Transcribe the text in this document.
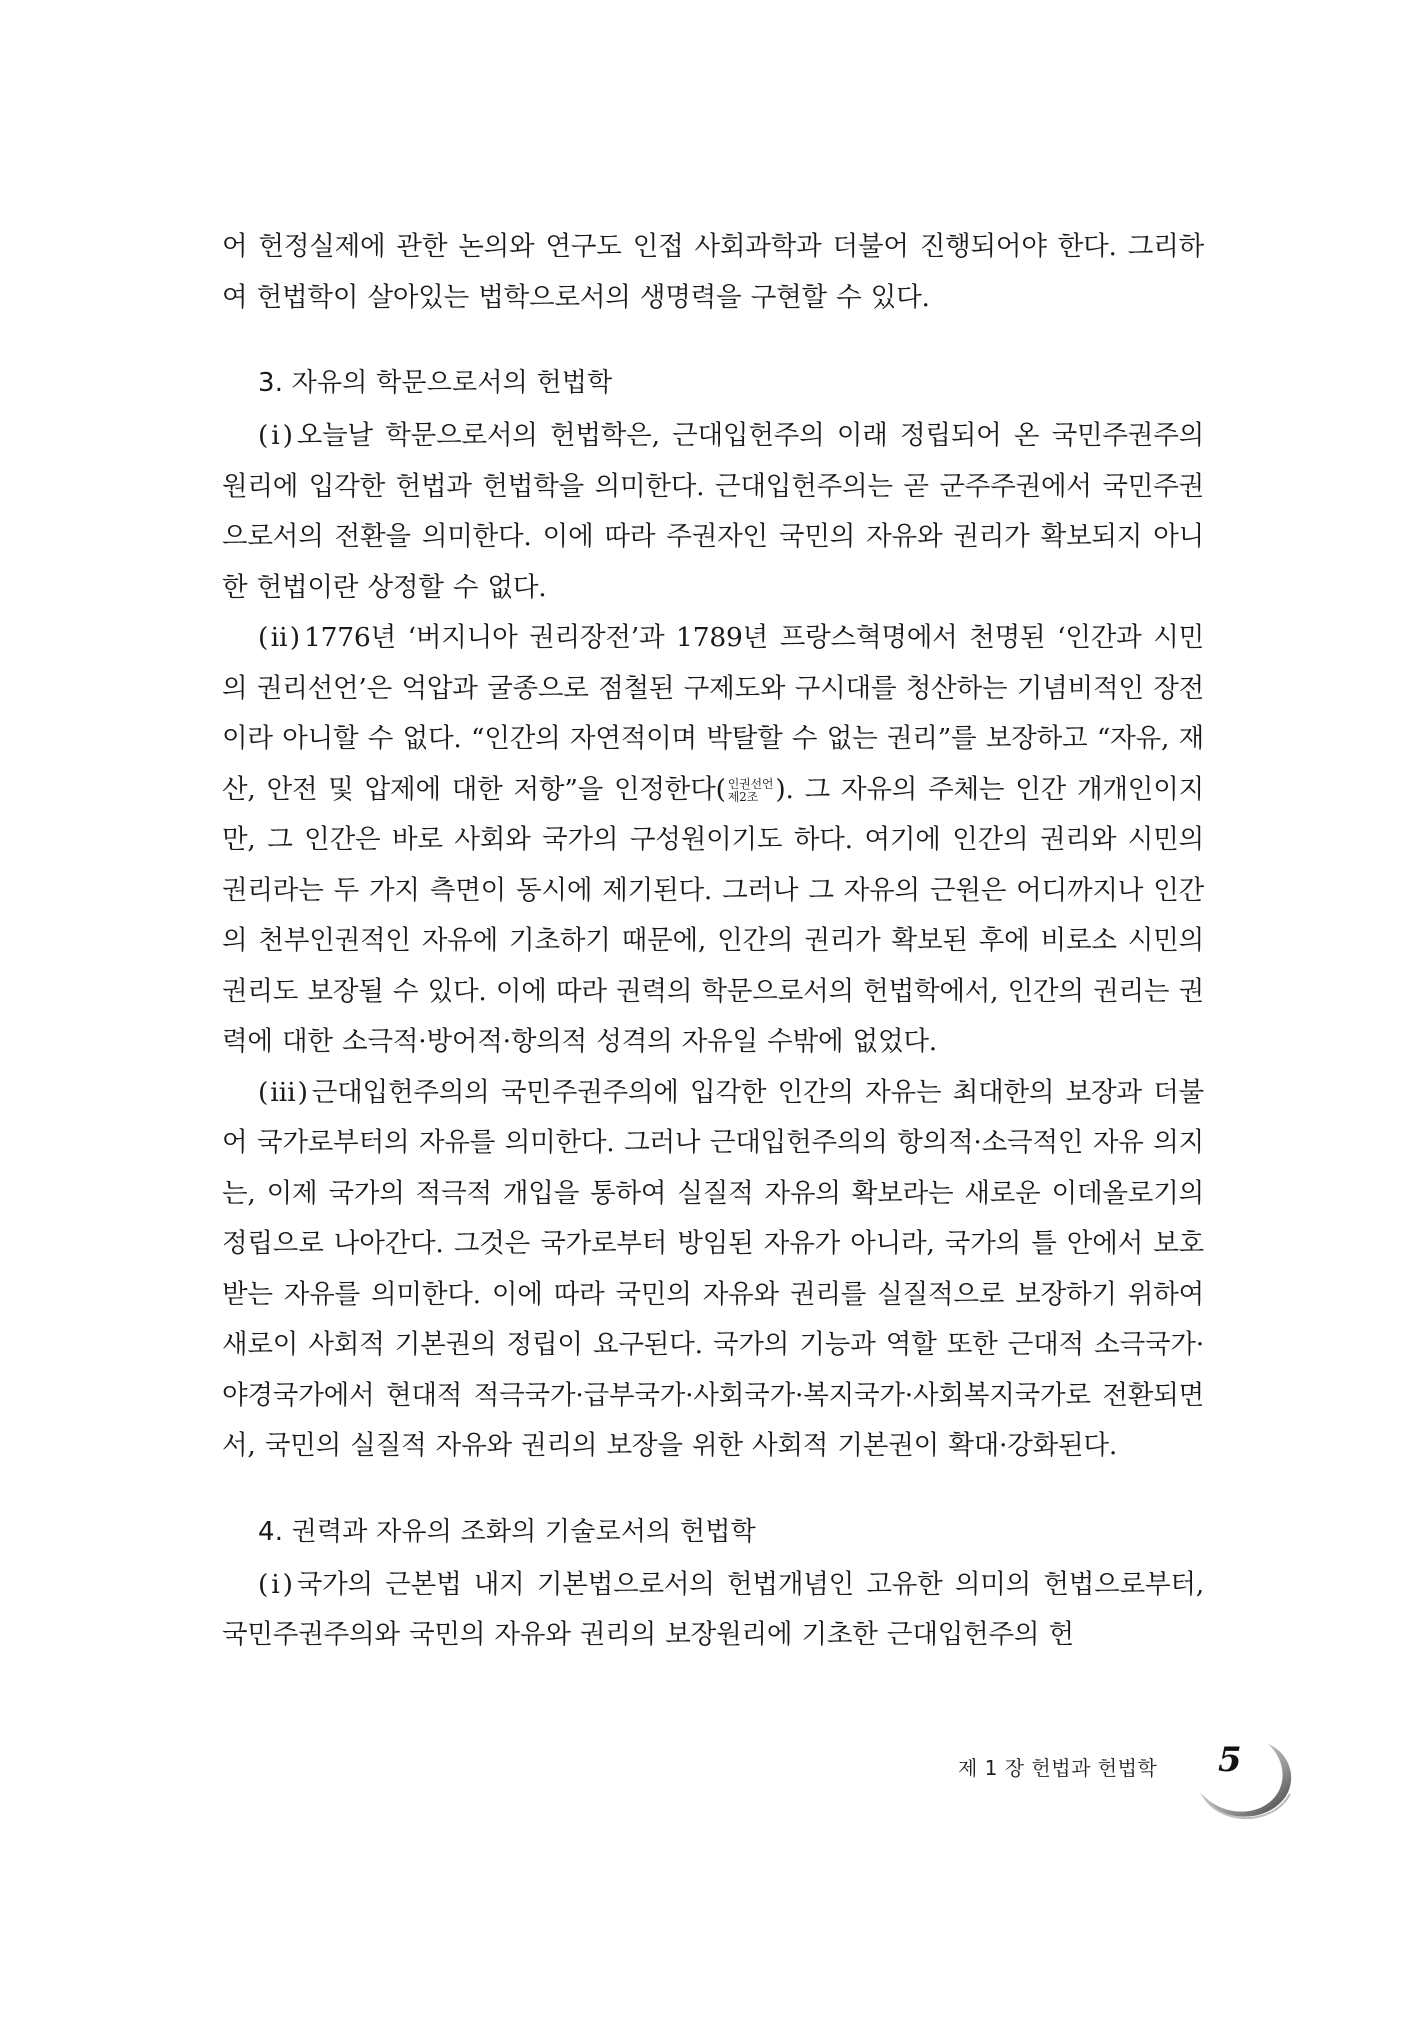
어 헌정실제에 관한 논의와 연구도 인접 사회과학과 더불어 진행되어야 한다. 그리하여 헌법학이 살아있는 법학으로서의 생명력을 구현할 수 있다.

3. 자유의 학문으로서의 헌법학

(ⅰ) 오늘날 학문으로서의 헌법학은, 근대입헌주의 이래 정립되어 온 국민주권주의 원리에 입각한 헌법과 헌법학을 의미한다. 근대입헌주의는 곧 군주주권에서 국민주권으로서의 전환을 의미한다. 이에 따라 주권자인 국민의 자유와 권리가 확보되지 아니한 헌법이란 상정할 수 없다.

(ⅱ) 1776년 ‘버지니아 권리장전’과 1789년 프랑스혁명에서 천명된 ‘인간과 시민의 권리선언’은 억압과 굴종으로 점철된 구제도와 구시대를 청산하는 기념비적인 장전이라 아니할 수 없다. “인간의 자연적이며 박탈할 수 없는 권리”를 보장하고 “자유, 재산, 안전 및 압제에 대한 저항”을 인정한다( 인권선언
제2조 ). 그 자유의 주체는 인간 개개인이지만, 그 인간은 바로 사회와 국가의 구성원이기도 하다. 여기에 인간의 권리와 시민의 권리라는 두 가지 측면이 동시에 제기된다. 그러나 그 자유의 근원은 어디까지나 인간의 천부인권적인 자유에 기초하기 때문에, 인간의 권리가 확보된 후에 비로소 시민의 권리도 보장될 수 있다. 이에 따라 권력의 학문으로서의 헌법학에서, 인간의 권리는 권력에 대한 소극적·방어적·항의적 성격의 자유일 수밖에 없었다.

(ⅲ) 근대입헌주의의 국민주권주의에 입각한 인간의 자유는 최대한의 보장과 더불어 국가로부터의 자유를 의미한다. 그러나 근대입헌주의의 항의적·소극적인 자유 의지는, 이제 국가의 적극적 개입을 통하여 실질적 자유의 확보라는 새로운 이데올로기의 정립으로 나아간다. 그것은 국가로부터 방임된 자유가 아니라, 국가의 틀 안에서 보호받는 자유를 의미한다. 이에 따라 국민의 자유와 권리를 실질적으로 보장하기 위하여 새로이 사회적 기본권의 정립이 요구된다. 국가의 기능과 역할 또한 근대적 소극국가·야경국가에서 현대적 적극국가·급부국가·사회국가·복지국가·사회복지국가로 전환되면서, 국민의 실질적 자유와 권리의 보장을 위한 사회적 기본권이 확대·강화된다.

4. 권력과 자유의 조화의 기술로서의 헌법학

(ⅰ) 국가의 근본법 내지 기본법으로서의 헌법개념인 고유한 의미의 헌법으로부터, 국민주권주의와 국민의 자유와 권리의 보장원리에 기초한 근대입헌주의 헌

제 1 장 헌법과 헌법학 5
